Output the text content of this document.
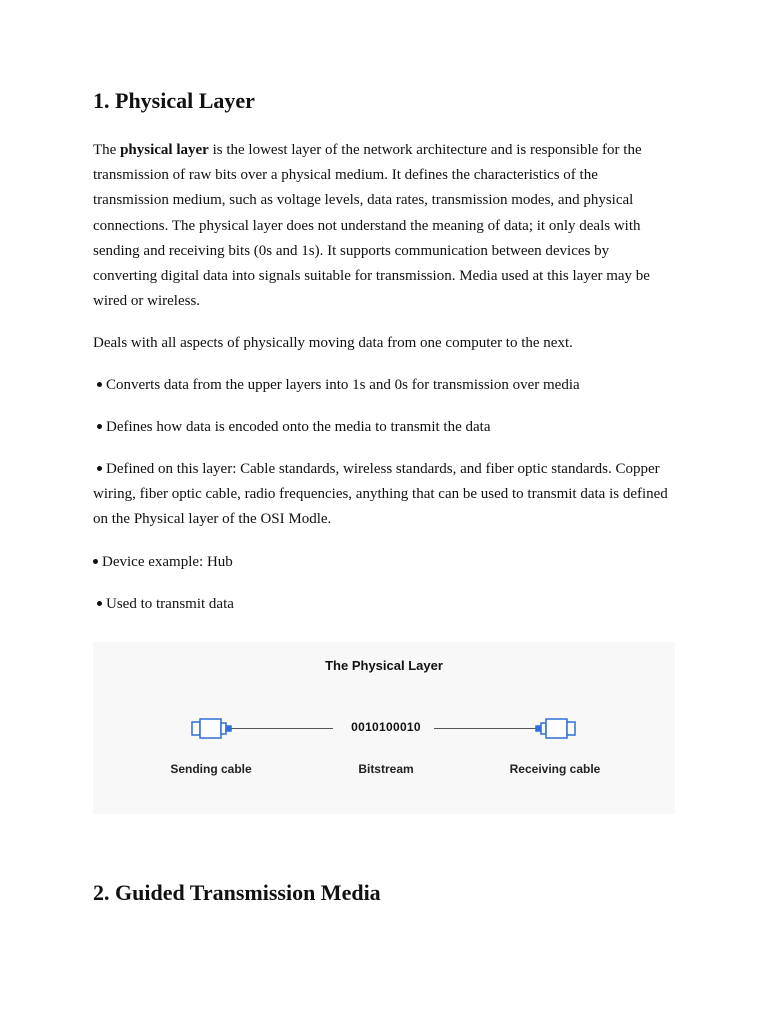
1. Physical Layer

The physical layer is the lowest layer of the network architecture and is responsible for the transmission of raw bits over a physical medium. It defines the characteristics of the transmission medium, such as voltage levels, data rates, transmission modes, and physical connections. The physical layer does not understand the meaning of data; it only deals with sending and receiving bits (0s and 1s). It supports communication between devices by converting digital data into signals suitable for transmission. Media used at this layer may be wired or wireless.

Deals with all aspects of physically moving data from one computer to the next.

Converts data from the upper layers into 1s and 0s for transmission over media

Defines how data is encoded onto the media to transmit the data

Defined on this layer: Cable standards, wireless standards, and fiber optic standards. Copper wiring, fiber optic cable, radio frequencies, anything that can be used to transmit data is defined on the Physical layer of the OSI Modle.

Device example: Hub

Used to transmit data

The Physical Layer
0010100010
Sending cable	Bitstream	Receiving cable
2. Guided Transmission Media
